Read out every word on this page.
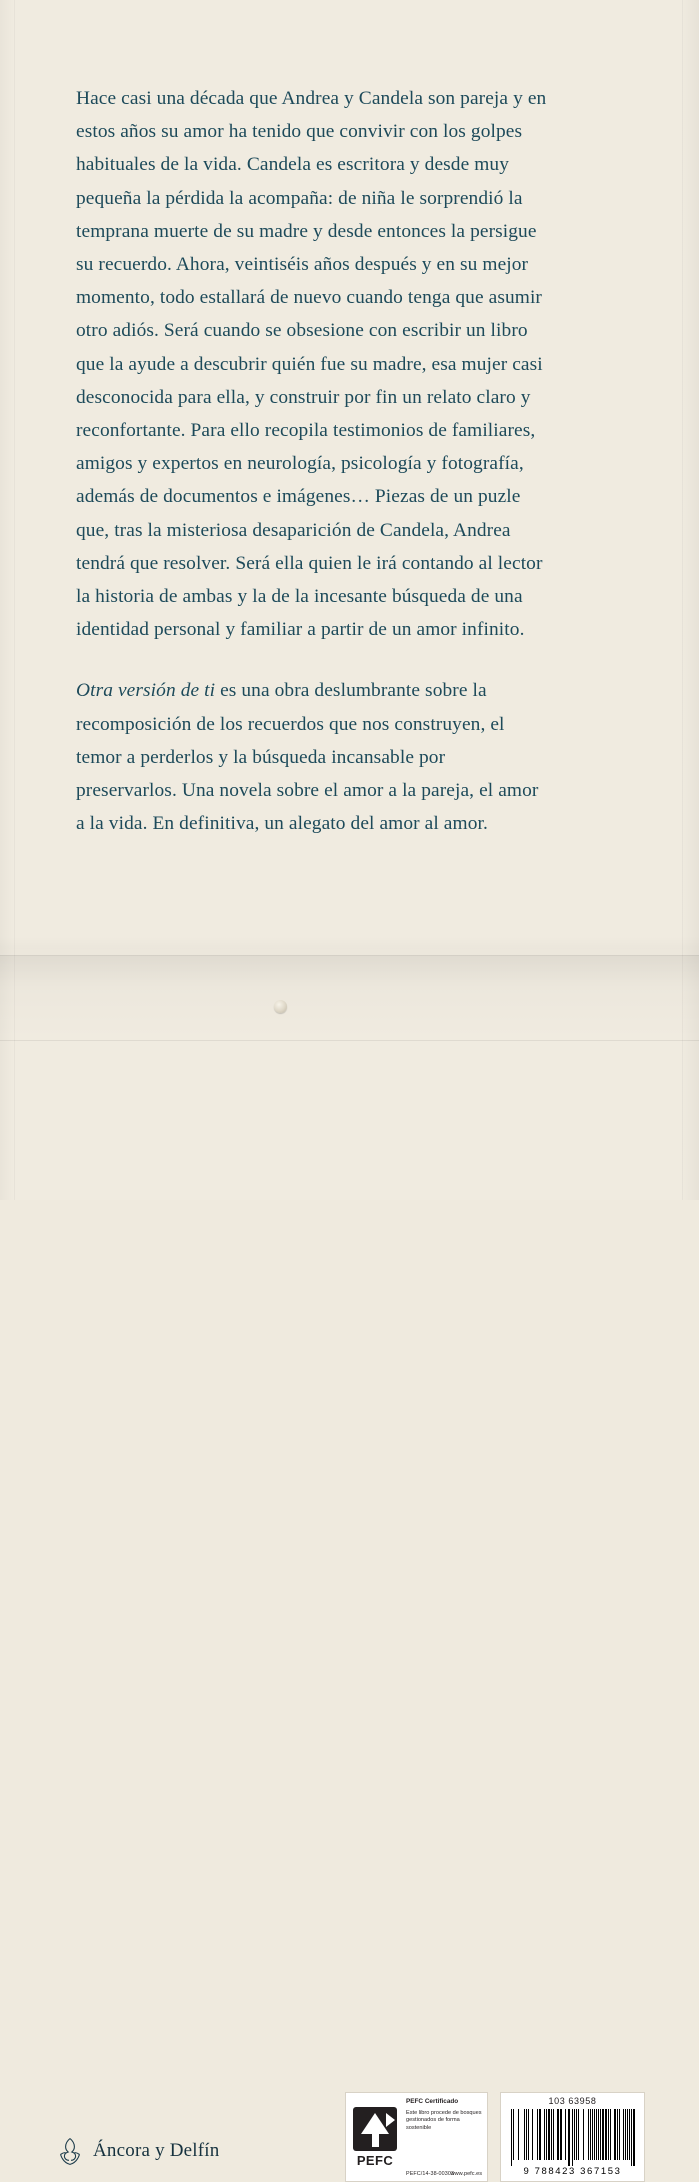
Hace casi una década que Andrea y Candela son pareja y en estos años su amor ha tenido que convivir con los golpes habituales de la vida. Candela es escritora y desde muy pequeña la pérdida la acompaña: de niña le sorprendió la temprana muerte de su madre y desde entonces la persigue su recuerdo. Ahora, veintiséis años después y en su mejor momento, todo estallará de nuevo cuando tenga que asumir otro adiós. Será cuando se obsesione con escribir un libro que la ayude a descubrir quién fue su madre, esa mujer casi desconocida para ella, y construir por fin un relato claro y reconfortante. Para ello recopila testimonios de familiares, amigos y expertos en neurología, psicología y fotografía, además de documentos e imágenes… Piezas de un puzle que, tras la misteriosa desaparición de Candela, Andrea tendrá que resolver. Será ella quien le irá contando al lector la historia de ambas y la de la incesante búsqueda de una identidad personal y familiar a partir de un amor infinito.

Otra versión de ti es una obra deslumbrante sobre la recomposición de los recuerdos que nos construyen, el temor a perderlos y la búsqueda incansable por preservarlos. Una novela sobre el amor a la pareja, el amor a la vida. En definitiva, un alegato del amor al amor.

Áncora y Delfín	PEFC
PEFC Certificado
Este libro procede de bosques gestionados de forma sostenible
PEFC/14-38-00303
www.pefc.es
103 63958
9 788423 367153
